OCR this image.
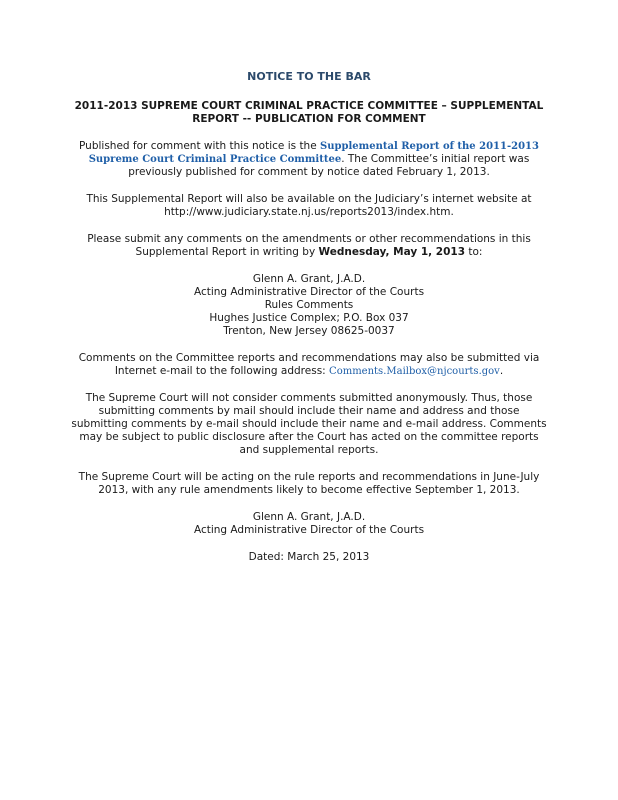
NOTICE TO THE BAR
2011-2013 SUPREME COURT CRIMINAL PRACTICE COMMITTEE – SUPPLEMENTAL
REPORT -- PUBLICATION FOR COMMENT

Published for comment with this notice is the Supplemental Report of the 2011-2013 Supreme Court Criminal Practice Committee. The Committee’s initial report was previously published for comment by notice dated February 1, 2013.

This Supplemental Report will also be available on the Judiciary’s internet website at http://www.judiciary.state.nj.us/reports2013/index.htm.

Please submit any comments on the amendments or other recommendations in this Supplemental Report in writing by Wednesday, May 1, 2013 to:

Glenn A. Grant, J.A.D.
Acting Administrative Director of the Courts
Rules Comments
Hughes Justice Complex; P.O. Box 037
Trenton, New Jersey 08625-0037

Comments on the Committee reports and recommendations may also be submitted via Internet e-mail to the following address: Comments.Mailbox@njcourts.gov.

The Supreme Court will not consider comments submitted anonymously. Thus, those submitting comments by mail should include their name and address and those submitting comments by e-mail should include their name and e-mail address. Comments may be subject to public disclosure after the Court has acted on the committee reports and supplemental reports.

The Supreme Court will be acting on the rule reports and recommendations in June-July 2013, with any rule amendments likely to become effective September 1, 2013.

Glenn A. Grant, J.A.D.
Acting Administrative Director of the Courts

Dated: March 25, 2013
